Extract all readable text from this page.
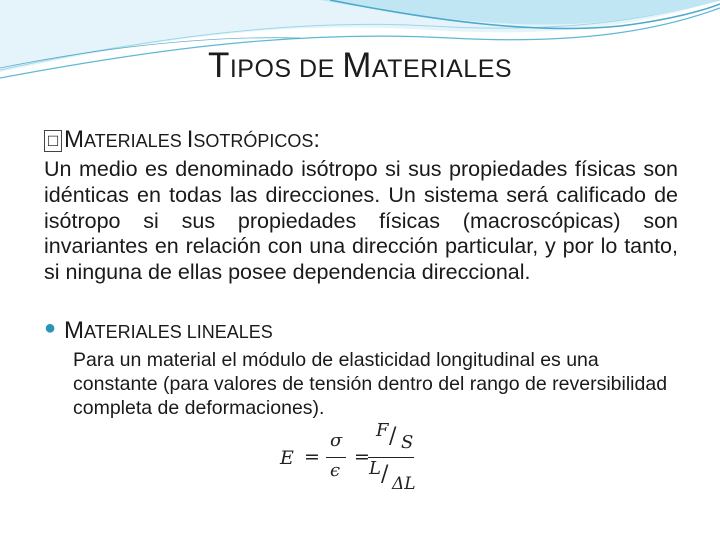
TIPOS DE MATERIALES
☐ MATERIALES ISOTRÓPICOS:
Un medio es denominado isótropo si sus propiedades físicas son idénticas en todas las direcciones. Un sistema será calificado de isótropo si sus propiedades físicas (macroscópicas) son invariantes en relación con una dirección particular, y por lo tanto, si ninguna de ellas posee dependencia direccional.
● MATERIALES LINEALES
Para un material el módulo de elasticidad longitudinal es una constante (para valores de tensión dentro del rango de reversibilidad completa de deformaciones).
E =
σ
ϵ
=
F / S
L / ΔL
